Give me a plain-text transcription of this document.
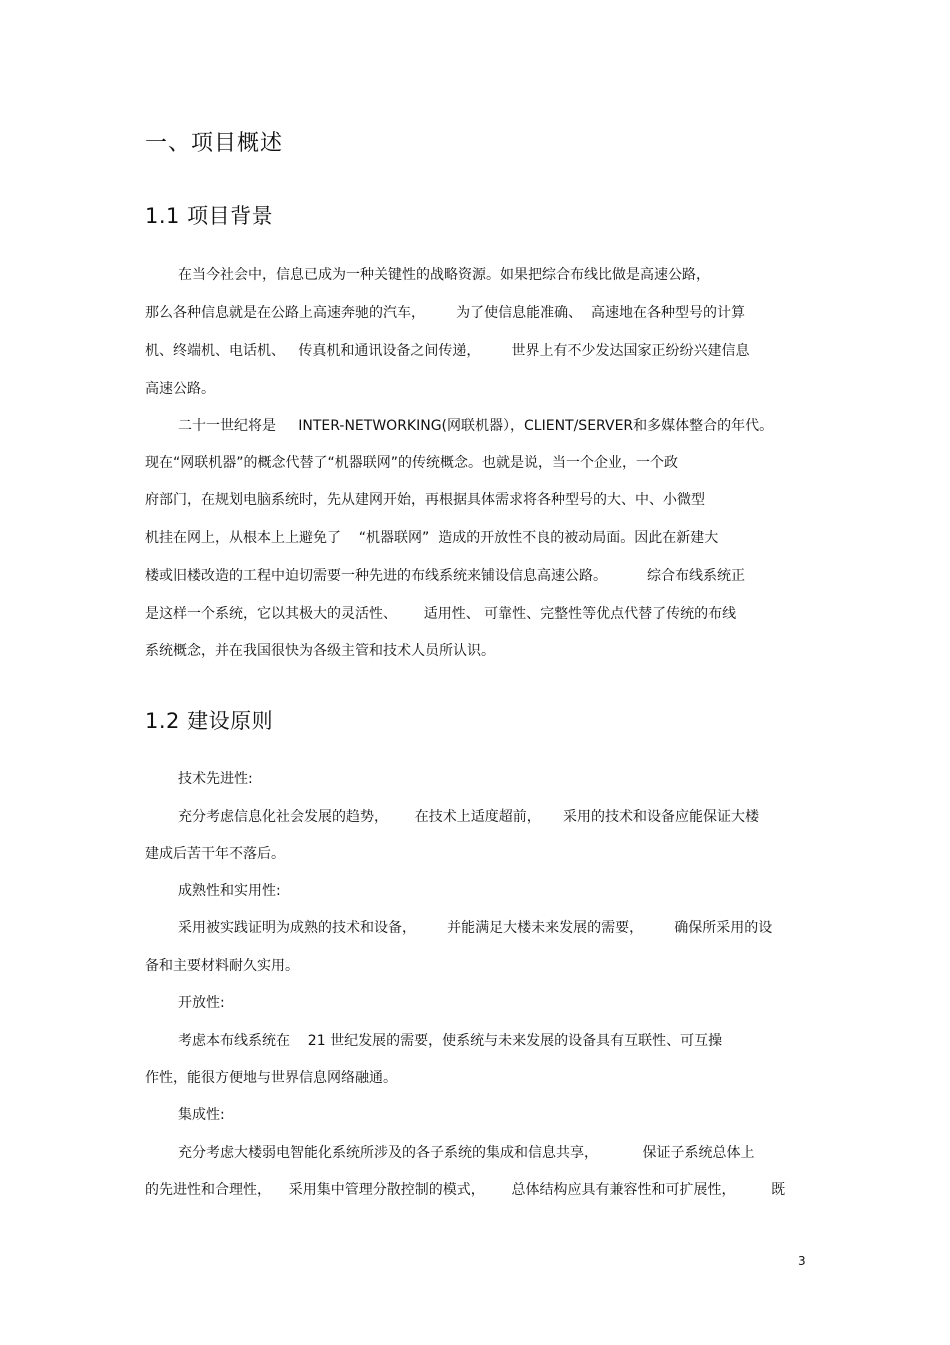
一、项目概述
1.1 项目背景
在当今社会中，信息已成为一种关键性的战略资源。如果把综合布线比做是高速公路，
那么各种信息就是在公路上高速奔驰的汽车，       为了使信息能准确、  高速地在各种型号的计算
机、终端机、电话机、   传真机和通讯设备之间传递，       世界上有不少发达国家正纷纷兴建信息
高速公路。
二十一世纪将是     INTER-NETWORKING(网联机器），CLIENT/SERVER和多媒体整合的年代。
现在“网联机器”的概念代替了“机器联网”的传统概念。也就是说，当一个企业，一个政
府部门，在规划电脑系统时，先从建网开始，再根据具体需求将各种型号的大、中、小微型
机挂在网上，从根本上上避免了    “机器联网”  造成的开放性不良的被动局面。因此在新建大
楼或旧楼改造的工程中迫切需要一种先进的布线系统来铺设信息高速公路。         综合布线系统正
是这样一个系统，它以其极大的灵活性、      适用性、 可靠性、完整性等优点代替了传统的布线
系统概念，并在我国很快为各级主管和技术人员所认识。
1.2 建设原则
技术先进性:
充分考虑信息化社会发展的趋势，      在技术上适度超前，     采用的技术和设备应能保证大楼
建成后苦干年不落后。
成熟性和实用性:
采用被实践证明为成熟的技术和设备，       并能满足大楼未来发展的需要，       确保所采用的设
备和主要材料耐久实用。
开放性:
考虑本布线系统在    21 世纪发展的需要，使系统与未来发展的设备具有互联性、可互操
作性，能很方便地与世界信息网络融通。
集成性:
充分考虑大楼弱电智能化系统所涉及的各子系统的集成和信息共享，          保证子系统总体上
的先进性和合理性，    采用集中管理分散控制的模式，      总体结构应具有兼容性和可扩展性，        既
3
